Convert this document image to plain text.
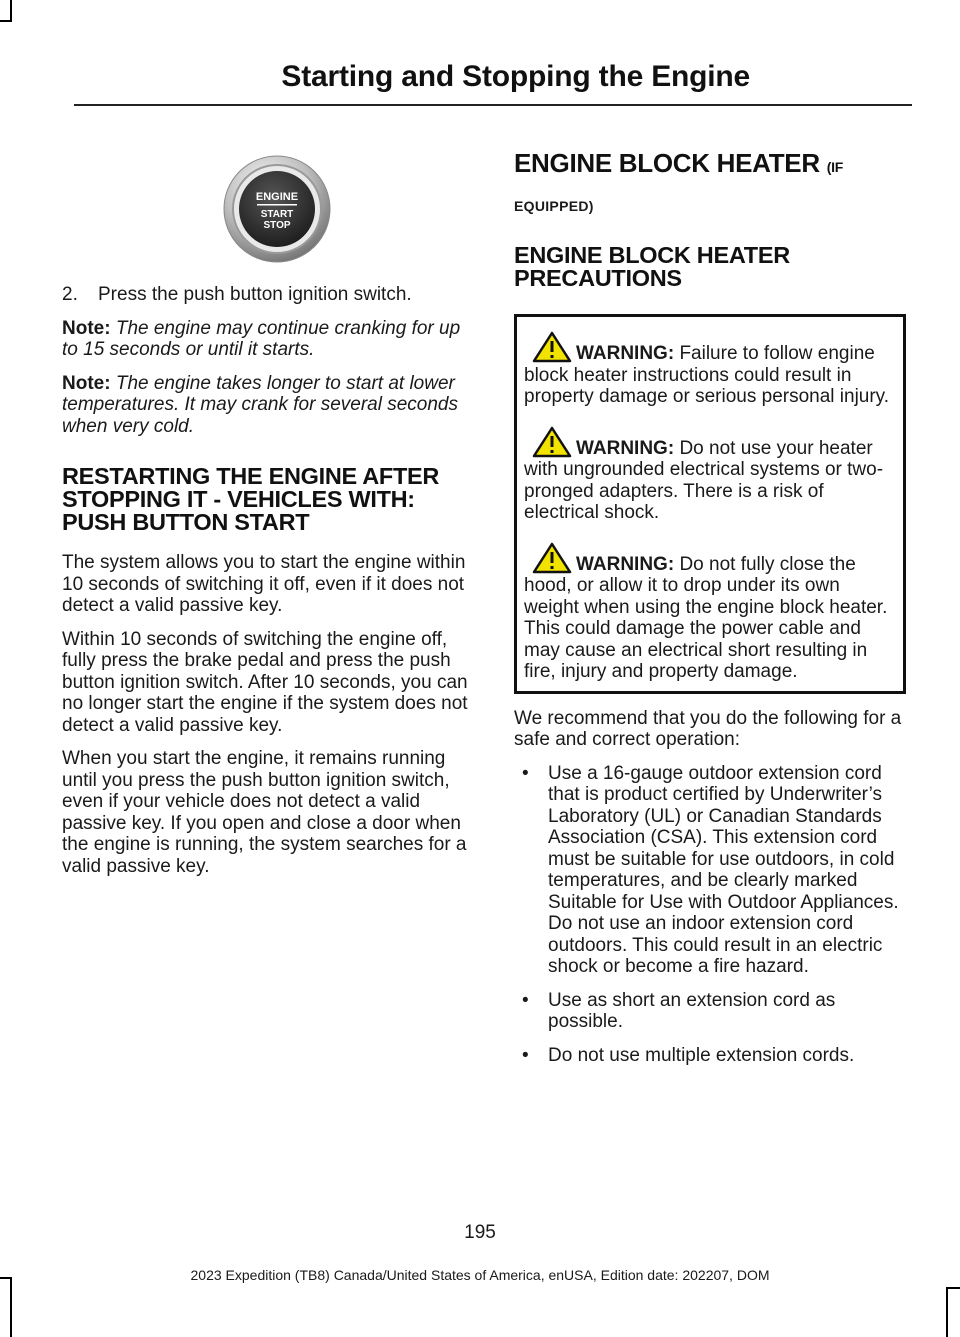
Starting and Stopping the Engine
ENGINE
START
STOP
2.	Press the push button ignition switch.

Note: The engine may continue cranking for up to 15 seconds or until it starts.

Note: The engine takes longer to start at lower temperatures. It may crank for several seconds when very cold.

RESTARTING THE ENGINE AFTER STOPPING IT - VEHICLES WITH: PUSH BUTTON START

The system allows you to start the engine within 10 seconds of switching it off, even if it does not detect a valid passive key.

Within 10 seconds of switching the engine off, fully press the brake pedal and press the push button ignition switch. After 10 seconds, you can no longer start the engine if the system does not detect a valid passive key.

When you start the engine, it remains running until you press the push button ignition switch, even if your vehicle does not detect a valid passive key. If you open and close a door when the engine is running, the system searches for a valid passive key.

ENGINE BLOCK HEATER (IF
EQUIPPED)
ENGINE BLOCK HEATER PRECAUTIONS
WARNING: Failure to follow engine block heater instructions could result in property damage or serious personal injury.
WARNING: Do not use your heater with ungrounded electrical systems or two-pronged adapters. There is a risk of electrical shock.
WARNING: Do not fully close the hood, or allow it to drop under its own weight when using the engine block heater. This could damage the power cable and may cause an electrical short resulting in fire, injury and property damage.

We recommend that you do the following for a safe and correct operation:

•	Use a 16-gauge outdoor extension cord that is product certified by Underwriter’s Laboratory (UL) or Canadian Standards Association (CSA). This extension cord must be suitable for use outdoors, in cold temperatures, and be clearly marked Suitable for Use with Outdoor Appliances. Do not use an indoor extension cord outdoors. This could result in an electric shock or become a fire hazard.
•	Use as short an extension cord as possible.
•	Do not use multiple extension cords.
195
2023 Expedition (TB8) Canada/United States of America, enUSA, Edition date: 202207, DOM
